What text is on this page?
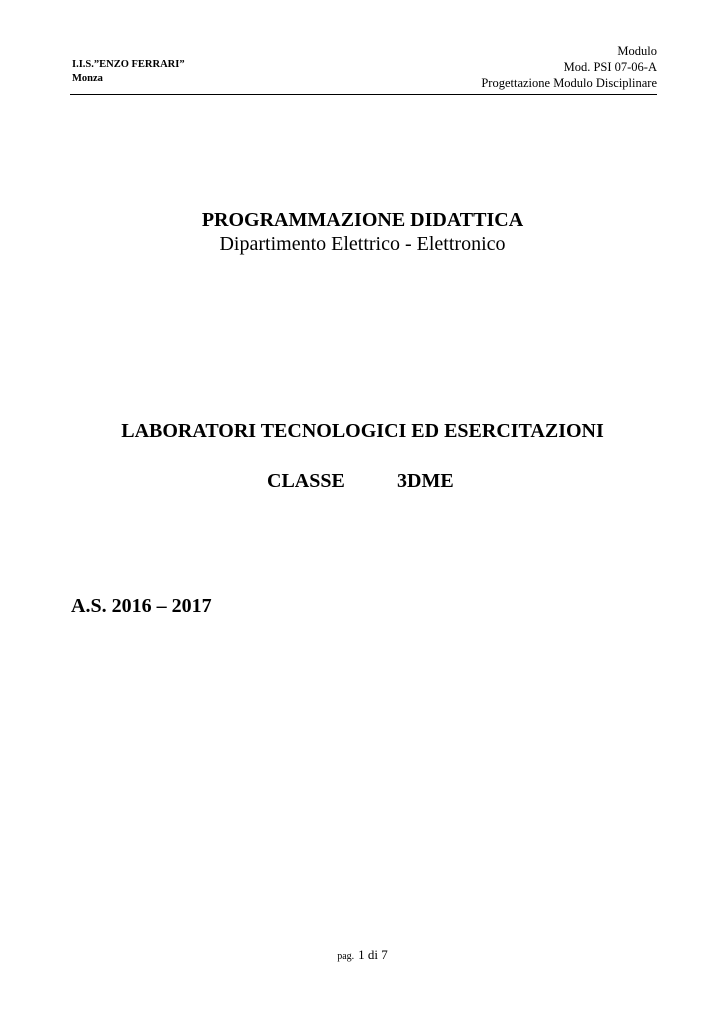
I.I.S.”ENZO FERRARI”
Monza
Modulo
Mod. PSI 07-06-A
Progettazione Modulo Disciplinare
PROGRAMMAZIONE DIDATTICA
Dipartimento Elettrico - Elettronico
LABORATORI TECNOLOGICI ED ESERCITAZIONI
CLASSE	3DME
A.S. 2016 – 2017
pag. 1 di 7
